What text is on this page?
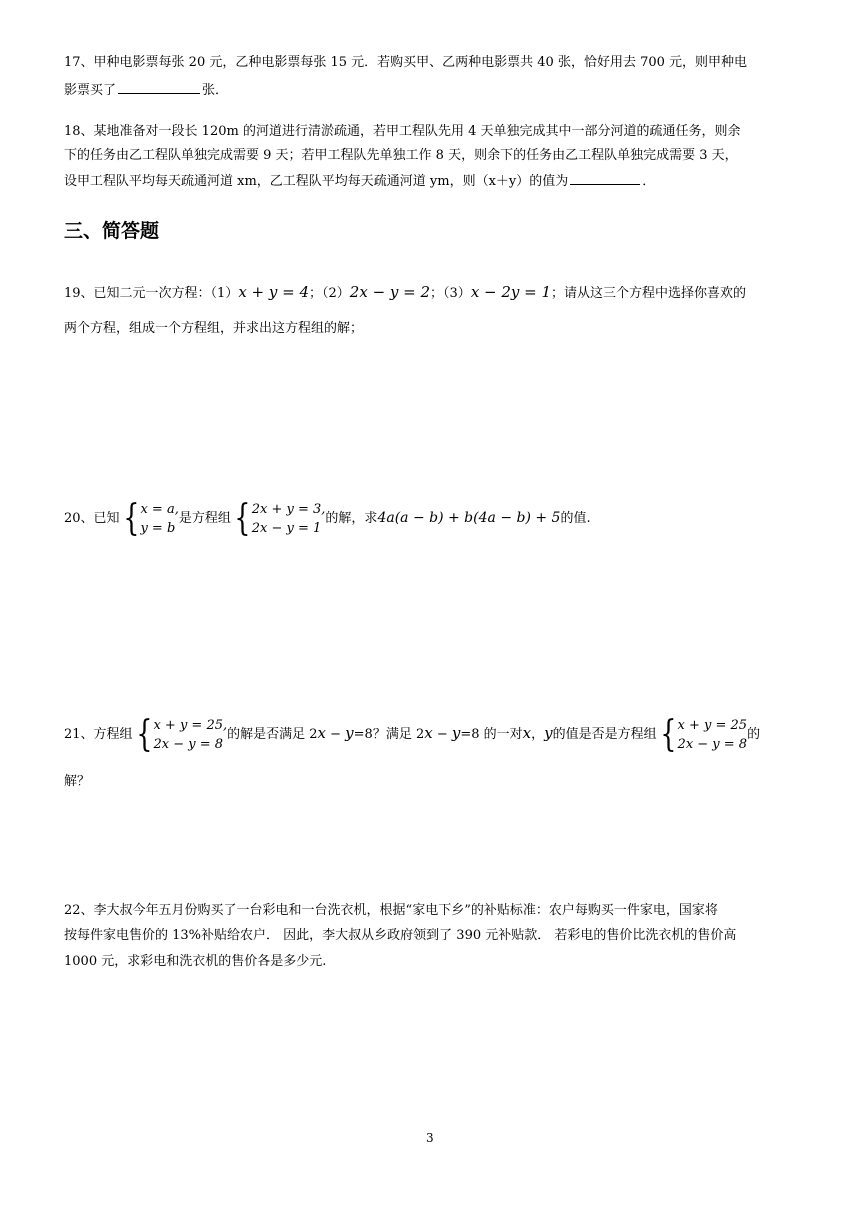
17、甲种电影票每张 20 元，乙种电影票每张 15 元．若购买甲、乙两种电影票共 40 张，恰好用去 700 元，则甲种电
影票买了	张．
18、某地准备对一段长 120m 的河道进行清淤疏通，若甲工程队先用 4 天单独完成其中一部分河道的疏通任务，则余
下的任务由乙工程队单独完成需要 9 天；若甲工程队先单独工作 8 天，则余下的任务由乙工程队单独完成需要 3 天，
设甲工程队平均每天疏通河道 xm，乙工程队平均每天疏通河道 ym，则（x＋y）的值为	．
三、简答题
19、已知二元一次方程：（1）x + y = 4；（2）2x − y = 2；（3）x − 2y = 1；请从这三个方程中选择你喜欢的
两个方程，组成一个方程组，并求出这方程组的解；
20、已知 { x = a,
y = b
是方程组 { 2x + y = 3,
2x − y = 1
的解，求4a(a − b) + b(4a − b) + 5的值.
21、方程组 { x + y = 25,
2x − y = 8
的解是否满足 2x − y=8？满足 2x − y=8 的一对x，y的值是否是方程组 { x + y = 25
2x − y = 8
的
解？
22、李大叔今年五月份购买了一台彩电和一台洗衣机，根据“家电下乡”的补贴标准：农户每购买一件家电，国家将
按每件家电售价的 13%补贴给农户． 因此，李大叔从乡政府领到了 390 元补贴款． 若彩电的售价比洗衣机的售价高
1000 元，求彩电和洗衣机的售价各是多少元.
3
